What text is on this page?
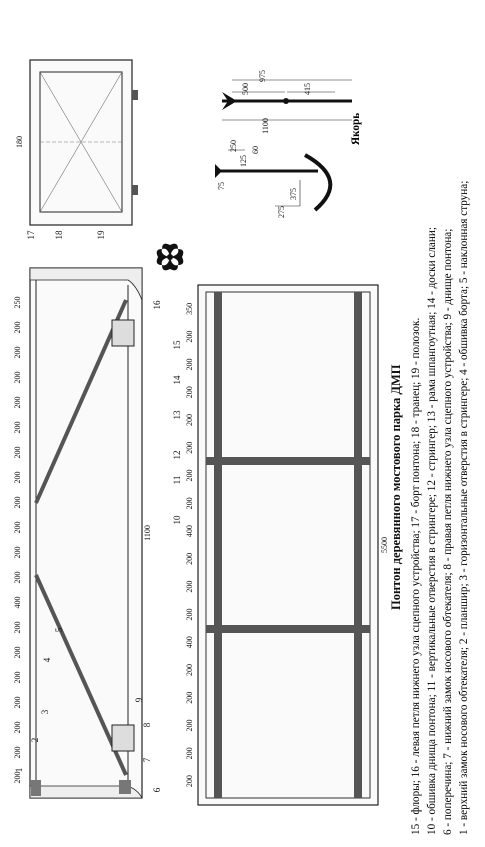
200
200
200
200
200
200
200
400
200
200
200
200
200
200
200
200
200
200
200
250
1100
1
2
3
4
5
6
7
8
9
16
200
200
200
200
200
400
200
200
200
400
200
200
200
200
200
200
200
350
5500
10
11
12
13
14
15
180
17 18	19
1100
975
500	415
250
125
75
60
375
275	1 - верхний замок носового обтекателя; 2 - планшир; 3 - горизонтальные отверстия в стрингере; 4 - обшивка борта; 5 - наклонная струна;
6 - поперечина; 7 - нижний замок носового обтекателя; 8 - правая петля нижнего узла сцепного устройства; 9 - днище понтона;
10 - обшивка днища понтона; 11 - вертикальные отверстия в стрингере; 12 - стрингер; 13 - рама шпангоутная; 14 - доски слани;
15 - флоры; 16 - левая петля нижнего узла сцепного устройства; 17 - борт понтона; 18 - транец; 19 - полозок.
Понтон деревянного мостового парка ДМП
Якорь
